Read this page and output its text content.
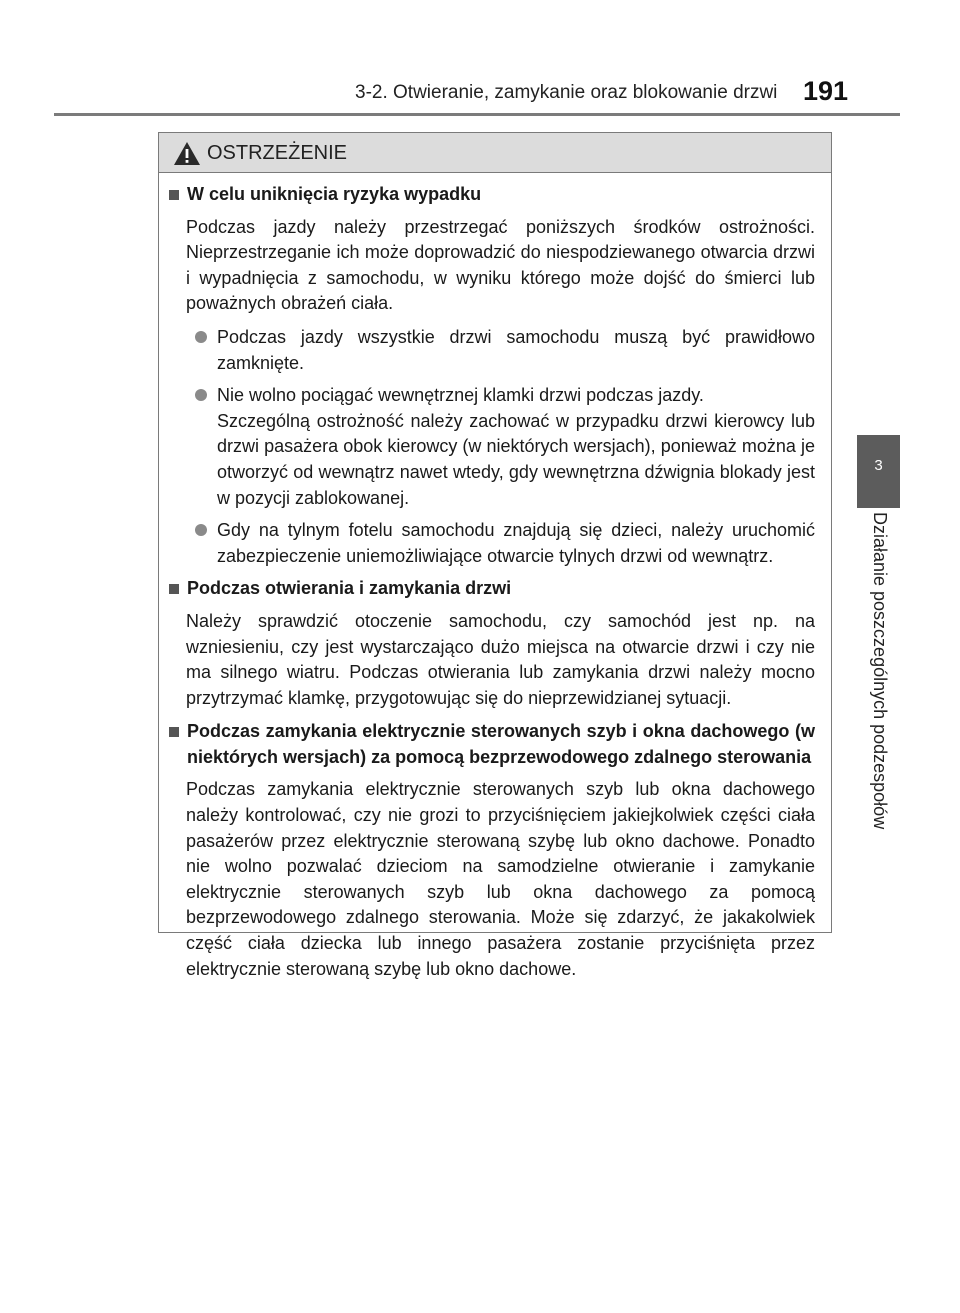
3-2. Otwieranie, zamykanie oraz blokowanie drzwi 191
3
Działanie poszczególnych podzespołów
OSTRZEŻENIE
W celu uniknięcia ryzyka wypadku
Podczas jazdy należy przestrzegać poniższych środków ostrożności. Nieprzestrzeganie ich może doprowadzić do niespodziewanego otwarcia drzwi i wypadnięcia z samochodu, w wyniku którego może dojść do śmierci lub poważnych obrażeń ciała.
Podczas jazdy wszystkie drzwi samochodu muszą być prawidłowo zamknięte.
Nie wolno pociągać wewnętrznej klamki drzwi podczas jazdy.
Szczególną ostrożność należy zachować w przypadku drzwi kierowcy lub drzwi pasażera obok kierowcy (w niektórych wersjach), ponieważ można je otworzyć od wewnątrz nawet wtedy, gdy wewnętrzna dźwignia blokady jest w pozycji zablokowanej.
Gdy na tylnym fotelu samochodu znajdują się dzieci, należy uruchomić zabezpieczenie uniemożliwiające otwarcie tylnych drzwi od wewnątrz.
Podczas otwierania i zamykania drzwi
Należy sprawdzić otoczenie samochodu, czy samochód jest np. na wzniesieniu, czy jest wystarczająco dużo miejsca na otwarcie drzwi i czy nie ma silnego wiatru. Podczas otwierania lub zamykania drzwi należy mocno przytrzymać klamkę, przygotowując się do nieprzewidzianej sytuacji.
Podczas zamykania elektrycznie sterowanych szyb i okna dachowego (w niektórych wersjach) za pomocą bezprzewodowego zdalnego sterowania
Podczas zamykania elektrycznie sterowanych szyb lub okna dachowego należy kontrolować, czy nie grozi to przyciśnięciem jakiejkolwiek części ciała pasażerów przez elektrycznie sterowaną szybę lub okno dachowe. Ponadto nie wolno pozwalać dzieciom na samodzielne otwieranie i zamykanie elektrycznie sterowanych szyb lub okna dachowego za pomocą bezprzewodowego zdalnego sterowania. Może się zdarzyć, że jakakolwiek część ciała dziecka lub innego pasażera zostanie przyciśnięta przez elektrycznie sterowaną szybę lub okno dachowe.
